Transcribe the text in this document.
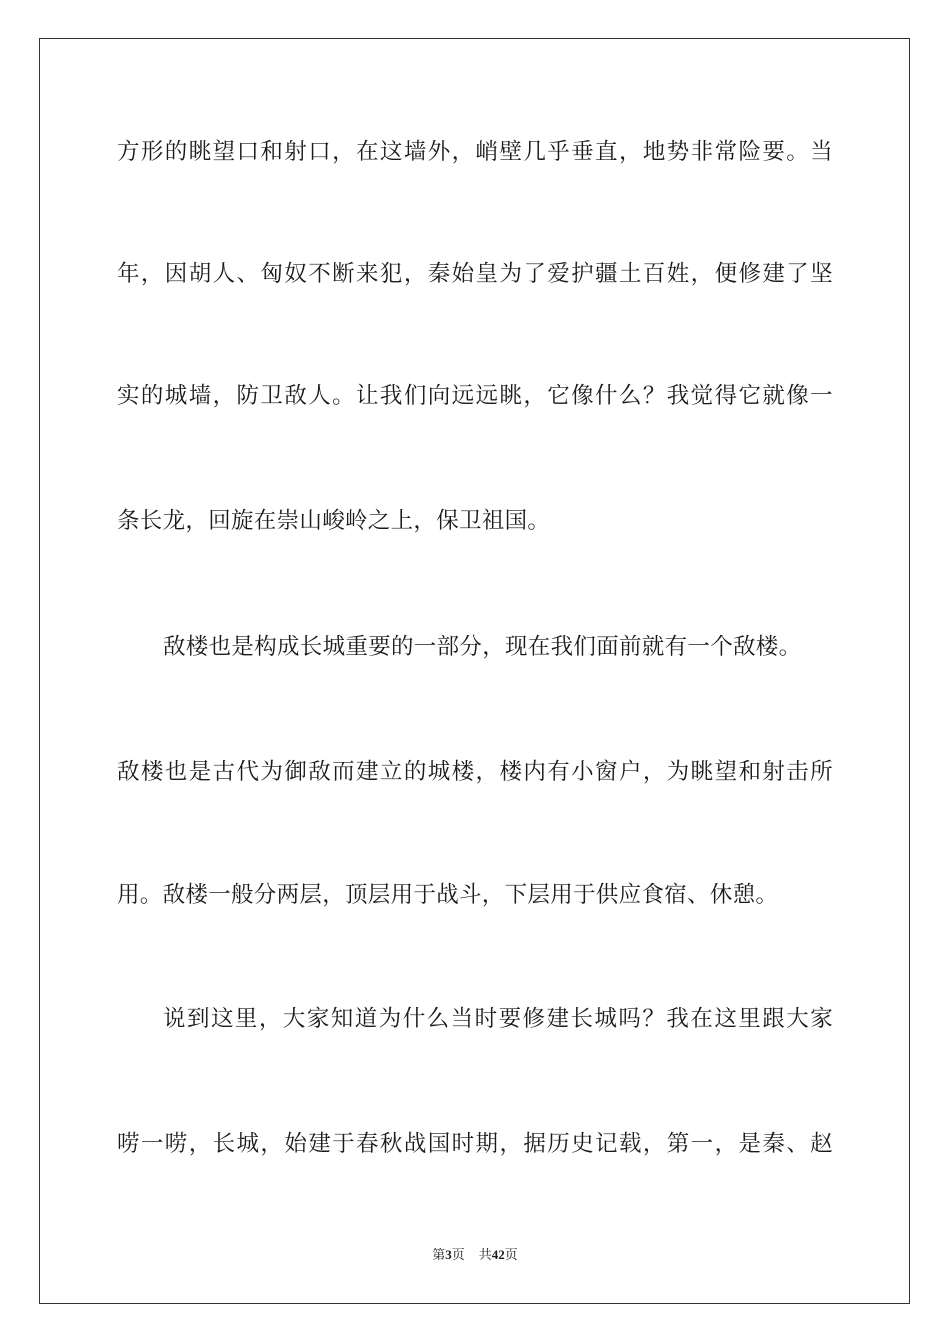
方形的眺望口和射口，在这墙外，峭壁几乎垂直，地势非常险要。当
年，因胡人、匈奴不断来犯，秦始皇为了爱护疆土百姓，便修建了坚
实的城墙，防卫敌人。让我们向远远眺，它像什么？我觉得它就像一
条长龙，回旋在崇山峻岭之上，保卫祖国。
敌楼也是构成长城重要的一部分，现在我们面前就有一个敌楼。
敌楼也是古代为御敌而建立的城楼，楼内有小窗户，为眺望和射击所
用。敌楼一般分两层，顶层用于战斗，下层用于供应食宿、休憩。
说到这里，大家知道为什么当时要修建长城吗？我在这里跟大家
唠一唠，长城，始建于春秋战国时期，据历史记载，第一，是秦、赵
第3页 共42页
